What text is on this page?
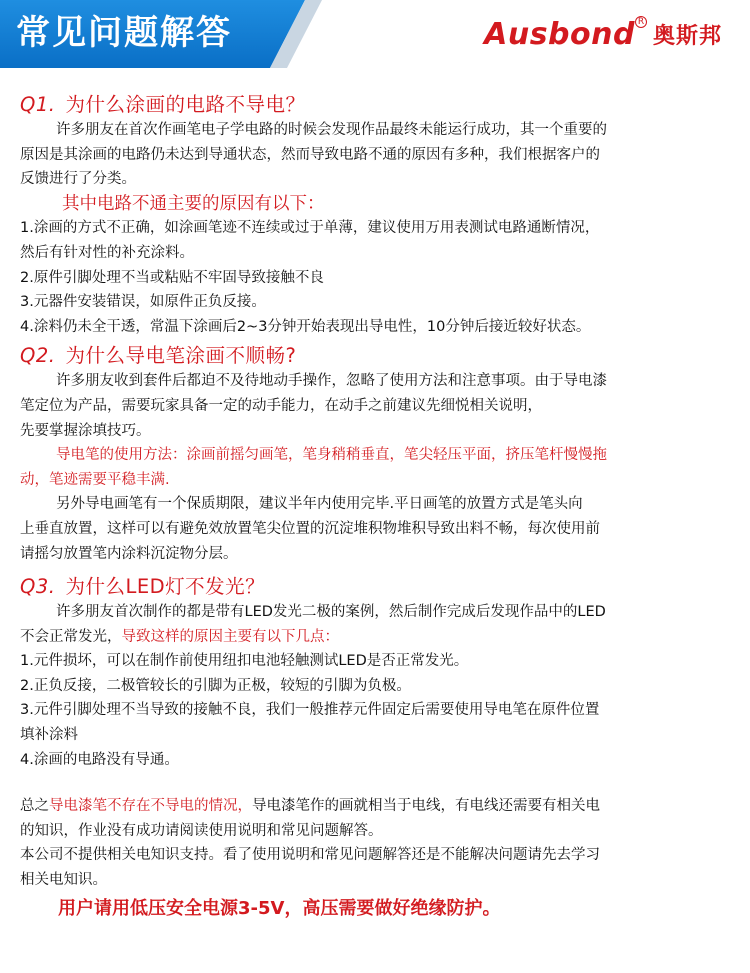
常见问题解答	Ausbond R
奥斯邦
Q1. 为什么涂画的电路不导电？

许多朋友在首次作画笔电子学电路的时候会发现作品最终未能运行成功，其一个重要的

原因是其涂画的电路仍未达到导通状态，然而导致电路不通的原因有多种，我们根据客户的

反馈进行了分类。

其中电路不通主要的原因有以下：

1.涂画的方式不正确，如涂画笔迹不连续或过于单薄，建议使用万用表测试电路通断情况，

然后有针对性的补充涂料。

2.原件引脚处理不当或粘贴不牢固导致接触不良

3.元器件安装错误，如原件正负反接。

4.涂料仍未全干透，常温下涂画后2~3分钟开始表现出导电性，10分钟后接近较好状态。

Q2. 为什么导电笔涂画不顺畅?

许多朋友收到套件后都迫不及待地动手操作，忽略了使用方法和注意事项。由于导电漆

笔定位为产品，需要玩家具备一定的动手能力，在动手之前建议先细悦相关说明，

先要掌握涂填技巧。

导电笔的使用方法：涂画前摇匀画笔，笔身稍稍垂直，笔尖轻压平面，挤压笔杆慢慢拖

动，笔迹需要平稳丰满.

另外导电画笔有一个保质期限，建议半年内使用完毕.平日画笔的放置方式是笔头向

上垂直放置，这样可以有避免效放置笔尖位置的沉淀堆积物堆积导致出料不畅，每次使用前

请摇匀放置笔内涂料沉淀物分层。

Q3. 为什么LED灯不发光？

许多朋友首次制作的都是带有LED发光二极的案例，然后制作完成后发现作品中的LED

不会正常发光，导致这样的原因主要有以下几点：

1.元件损坏，可以在制作前使用纽扣电池轻触测试LED是否正常发光。

2.正负反接，二极管较长的引脚为正极，较短的引脚为负极。

3.元件引脚处理不当导致的接触不良，我们一般推荐元件固定后需要使用导电笔在原件位置

填补涂料

4.涂画的电路没有导通。

总之导电漆笔不存在不导电的情况，导电漆笔作的画就相当于电线，有电线还需要有相关电

的知识，作业没有成功请阅读使用说明和常见问题解答。

本公司不提供相关电知识支持。看了使用说明和常见问题解答还是不能解决问题请先去学习

相关电知识。

用户请用低压安全电源3-5V，高压需要做好绝缘防护。
